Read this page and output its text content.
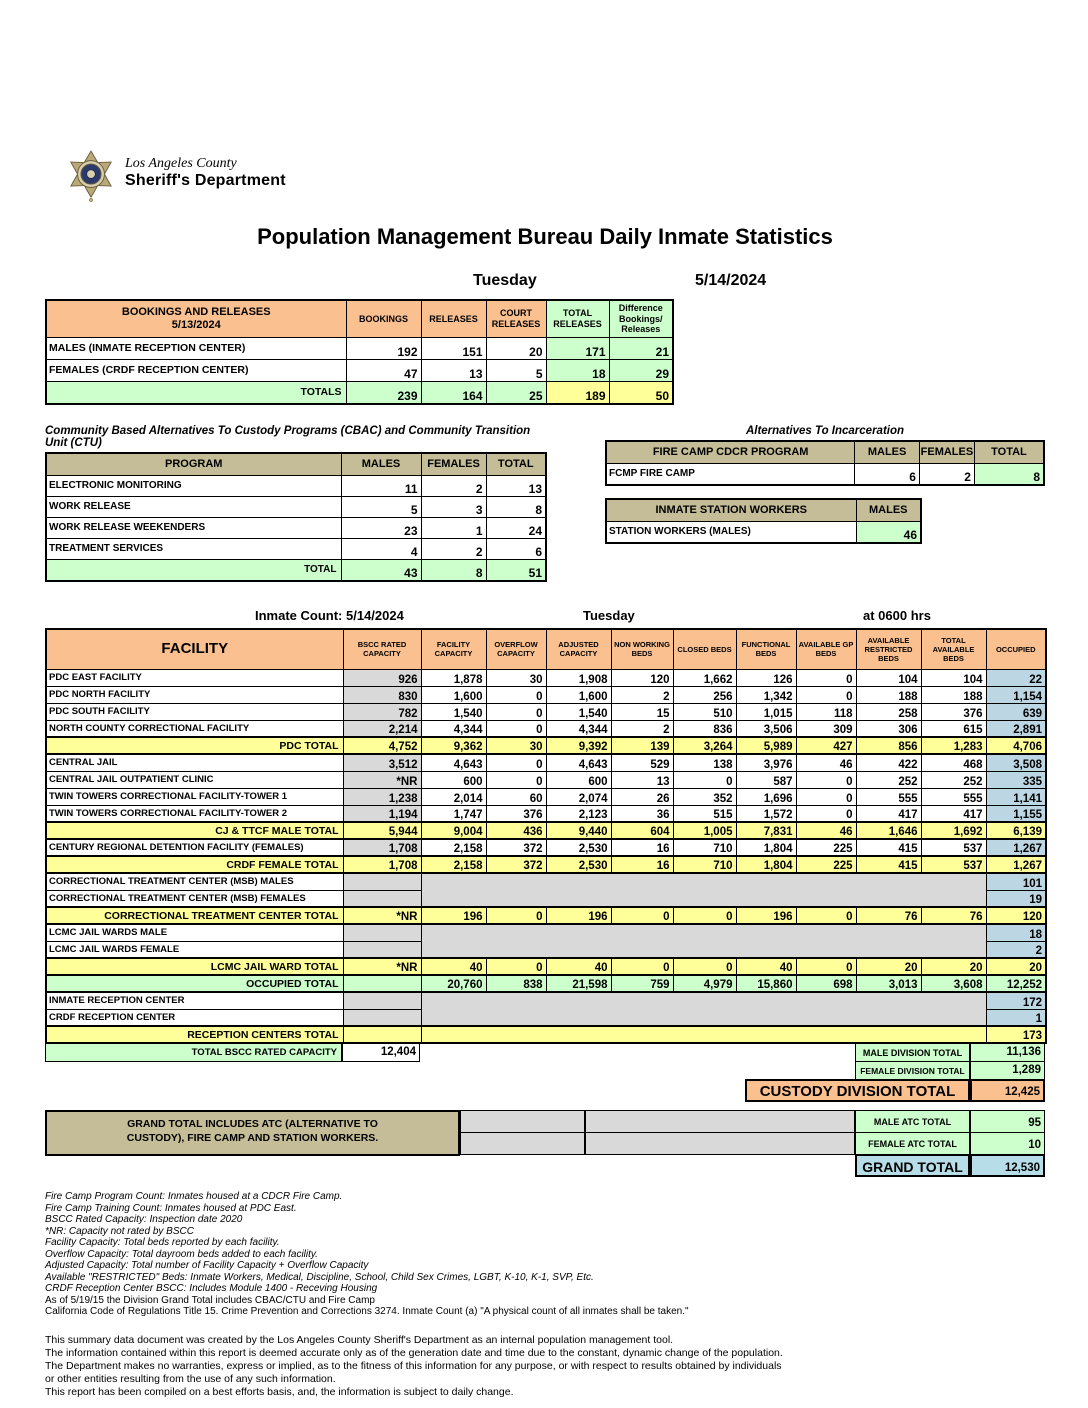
Los Angeles County
Sheriff's Department
Population Management Bureau Daily Inmate Statistics
Tuesday	5/14/2024
BOOKINGS AND RELEASES
5/13/2024	BOOKINGS	RELEASES	COURT RELEASES	TOTAL RELEASES	Difference Bookings/ Releases
MALES (INMATE RECEPTION CENTER)	192	151	20	171	21
FEMALES (CRDF RECEPTION CENTER)	47	13	5	18	29
TOTALS	239	164	25	189	50
Community Based Alternatives To Custody Programs (CBAC) and Community Transition Unit (CTU)
PROGRAM	MALES	FEMALES	TOTAL
ELECTRONIC MONITORING	11	2	13
WORK RELEASE	5	3	8
WORK RELEASE WEEKENDERS	23	1	24
TREATMENT SERVICES	4	2	6
TOTAL	43	8	51
Alternatives To Incarceration
FIRE CAMP CDCR PROGRAM	MALES	FEMALES	TOTAL
FCMP FIRE CAMP	6	2	8
INMATE STATION WORKERS	MALES
STATION WORKERS (MALES)	46
Inmate Count: 5/14/2024	Tuesday	at 0600 hrs
FACILITY	BSCC RATED CAPACITY	FACILITY CAPACITY	OVERFLOW CAPACITY	ADJUSTED CAPACITY	NON WORKING BEDS	CLOSED BEDS	FUNCTIONAL BEDS	AVAILABLE GP BEDS	AVAILABLE RESTRICTED BEDS	TOTAL AVAILABLE BEDS	OCCUPIED
PDC EAST FACILITY	926	1,878	30	1,908	120	1,662	126	0	104	104	22
PDC NORTH FACILITY	830	1,600	0	1,600	2	256	1,342	0	188	188	1,154
PDC SOUTH FACILITY	782	1,540	0	1,540	15	510	1,015	118	258	376	639
NORTH COUNTY CORRECTIONAL FACILITY	2,214	4,344	0	4,344	2	836	3,506	309	306	615	2,891
PDC TOTAL	4,752	9,362	30	9,392	139	3,264	5,989	427	856	1,283	4,706
CENTRAL JAIL	3,512	4,643	0	4,643	529	138	3,976	46	422	468	3,508
CENTRAL JAIL OUTPATIENT CLINIC	*NR	600	0	600	13	0	587	0	252	252	335
TWIN TOWERS CORRECTIONAL FACILITY-TOWER 1	1,238	2,014	60	2,074	26	352	1,696	0	555	555	1,141
TWIN TOWERS CORRECTIONAL FACILITY-TOWER 2	1,194	1,747	376	2,123	36	515	1,572	0	417	417	1,155
CJ & TTCF MALE TOTAL	5,944	9,004	436	9,440	604	1,005	7,831	46	1,646	1,692	6,139
CENTURY REGIONAL DETENTION FACILITY (FEMALES)	1,708	2,158	372	2,530	16	710	1,804	225	415	537	1,267
CRDF FEMALE TOTAL	1,708	2,158	372	2,530	16	710	1,804	225	415	537	1,267
CORRECTIONAL TREATMENT CENTER (MSB) MALES											101
CORRECTIONAL TREATMENT CENTER (MSB) FEMALES											19
CORRECTIONAL TREATMENT CENTER TOTAL	*NR	196	0	196	0	0	196	0	76	76	120
LCMC JAIL WARDS MALE											18
LCMC JAIL WARDS FEMALE											2
LCMC JAIL WARD TOTAL	*NR	40	0	40	0	0	40	0	20	20	20
OCCUPIED TOTAL		20,760	838	21,598	759	4,979	15,860	698	3,013	3,608	12,252
INMATE RECEPTION CENTER											172
CRDF RECEPTION CENTER											1
RECEPTION CENTERS TOTAL											173
TOTAL BSCC RATED CAPACITY	12,404	MALE DIVISION TOTAL	11,136
FEMALE DIVISION TOTAL	1,289
CUSTODY DIVISION TOTAL	12,425
GRAND TOTAL INCLUDES ATC (ALTERNATIVE TO
CUSTODY), FIRE CAMP AND STATION WORKERS.
MALE ATC TOTAL	95
FEMALE ATC TOTAL	10
GRAND TOTAL	12,530
Fire Camp Program Count: Inmates housed at a CDCR Fire Camp.
Fire Camp Training Count: Inmates housed at PDC East.
BSCC Rated Capacity: Inspection date 2020
*NR: Capacity not rated by BSCC
Facility Capacity: Total beds reported by each facility.
Overflow Capacity: Total dayroom beds added to each facility.
Adjusted Capacity: Total number of Facility Capacity + Overflow Capacity
Available "RESTRICTED" Beds: Inmate Workers, Medical, Discipline, School, Child Sex Crimes, LGBT, K-10, K-1, SVP, Etc.
CRDF Reception Center BSCC: Includes Module 1400 - Receving Housing
As of 5/19/15 the Division Grand Total includes CBAC/CTU and Fire Camp
California Code of Regulations Title 15. Crime Prevention and Corrections 3274. Inmate Count (a) "A physical count of all inmates shall be taken."
This summary data document was created by the Los Angeles County Sheriff's Department as an internal population management tool.
The information contained within this report is deemed accurate only as of the generation date and time due to the constant, dynamic change of the population.
The Department makes no warranties, express or implied, as to the fitness of this information for any purpose, or with respect to results obtained by individuals
or other entities resulting from the use of any such information.
This report has been compiled on a best efforts basis, and, the information is subject to daily change.
